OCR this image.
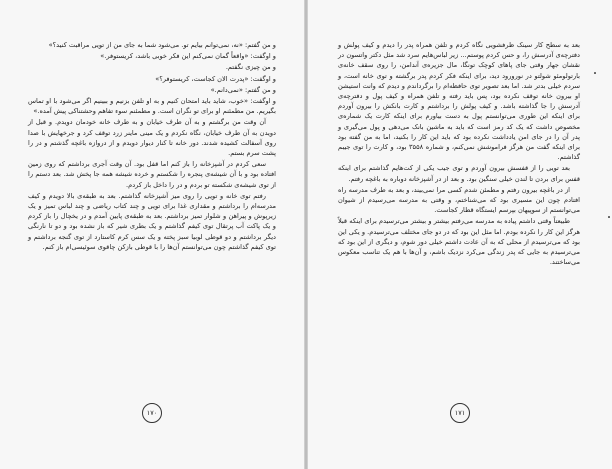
و من گفتم: «نه، نمی‌توانم بیایم تو. می‌شود شما به جای من از تویی مراقبت کنید؟»

و اوگفت: «واقعاً گمان نمی‌کنم این فکر خوبی باشد، کریستوفر.»

و من چیزی نگفتم.

و اوگفت: «پدرت الان کجاست، کریستوفر؟»

و من گفتم: «نمی‌دانم.»

و اوگفت: «خوب، شاید باید امتحان کنیم و به او تلفن بزنیم و ببینیم اگر می‌شود با او تماس بگیریم. من مطمئنم او برای تو نگران است. و مطمئنم سوء تفاهم وحشتناکی پیش آمده.»

آن وقت من برگشتم و به آن طرف خیابان و به طرف خانه خودمان دویدم. و قبل از دویدن به آن طرف خیابان، نگاه نکردم و یک مینی ماینر زرد توقف کرد و جرخهایش با صدا روی آسفالت کشیده شدند. دور خانه تا کنار دیوار دویدم و از دروازه باغچه گذشتم و در را پشت سرم بستم.

سعی کردم در آشپزخانه را باز کنم اما قفل بود. آن وقت آجری برداشتم که روی زمین افتاده بود و با آن شیشه‌ی پنجره را شکستم و خرده شیشه همه جا پخش شد. بعد دستم را از توی شیشه‌ی شکسته تو بردم و در را داخل باز کردم.

رفتم توی خانه و تویی را روی میز آشپزخانه گذاشتم. بعد به طبقه‌ی بالا دویدم و کیف مدرسه‌ام را برداشتم و مقداری غذا برای تویی و چند کتاب ریاضی و چند لباس تمیز و یک زیرپوش و پیراهن و شلوار تمیز برداشتم. بعد به طبقه‌ی پایین آمدم و در یخچال را باز کردم و یک پاکت آب پرتقال توی کیفم گذاشتم و یک بطری شیر که باز نشده بود و دو تا نارنگی دیگر برداشتم و دو قوطی لوبیا سبز پخته و یک سس کرم کاستارد از توی گنجه برداشتم و توی کیفم گذاشتم چون می‌توانستم آن‌ها را با قوطی بازکن چاقوی سوئیسی‌ام باز کنم.

۱۷۰

بعد به سطح کار سینک ظرفشویی نگاه کردم و تلفن همراه پدر را دیدم و کیف پولش و دفترچه‌ی آدرسش را، و حس کردم پوستم... زیر لباس‌هایم سرد شد مثل دکتر واتسون در نقشان جهار وقتی جای پاهای کوچک تونگا، مال جزیره‌ی آندامن، را روی سقف خانه‌ی بارتولومئو شولتو در نورورود دید، برای اینکه فکر کردم پدر برگشته و توی خانه است، و سردم خیلی بدتر شد. اما بعد تصویر توی حافظه‌ام را برگرداندم و دیدم که وانت استیشن او بیرون خانه توقف نکرده بود، پس باید رفته و تلفن همراه و کیف پول و دفترچه‌ی آدرسش را جا گذاشته باشد. و کیف پولش را برداشتم و کارت بانکش را بیرون آوردم برای اینکه این طوری می‌توانستم پول به دست بیاورم برای اینکه کارت یک شماره‌ی مخصوص داشت که یک کد رمز است که باید به ماشین بانک می‌دهی و پول می‌گیری و پدر آن را در جای امن یادداشت نکرده بود که باید این کار را بکنید، اما به من گفته بود برای اینکه گفت من هرگز فراموشش نمی‌کنم، و شماره ۳۵۵۸ بود، و کارت را توی جیبم گذاشتم.

بعد تویی را از قفسش بیرون آوردم و توی جیب یکی از کت‌هایم گذاشتم برای اینکه قفس برای بردن تا لندن خیلی سنگین بود. و بعد از در آشپزخانه دوباره به باغچه رفتم.

از در باغچه بیرون رفتم و مطمئن شدم کسی مرا نمی‌بیند، و بعد به طرف مدرسه راه افتادم چون این مسیری بود که می‌شناختم، و وقتی به مدرسه می‌رسیدم از شیوان می‌توانستم از سوپیهان بپرسم ایستگاه قطار کجاست.

طبیعتاً وقتی داشتم پیاده به مدرسه می‌رفتم بیشتر و بیشتر می‌ترسیدم برای اینکه قبلاً هرگز این کار را نکرده بودم. اما مثل این بود که در دو جای مختلف می‌ترسیدم. و یکی این بود که می‌ترسیدم از محلی که به آن عادت داشتم خیلی دور شوم، و دیگری از این بود که می‌ترسیدم به جایی که پدر زندگی می‌کرد نزدیک باشم، و آن‌ها با هم یک تناسب معکوس می‌ساختند.

۱۷۱
